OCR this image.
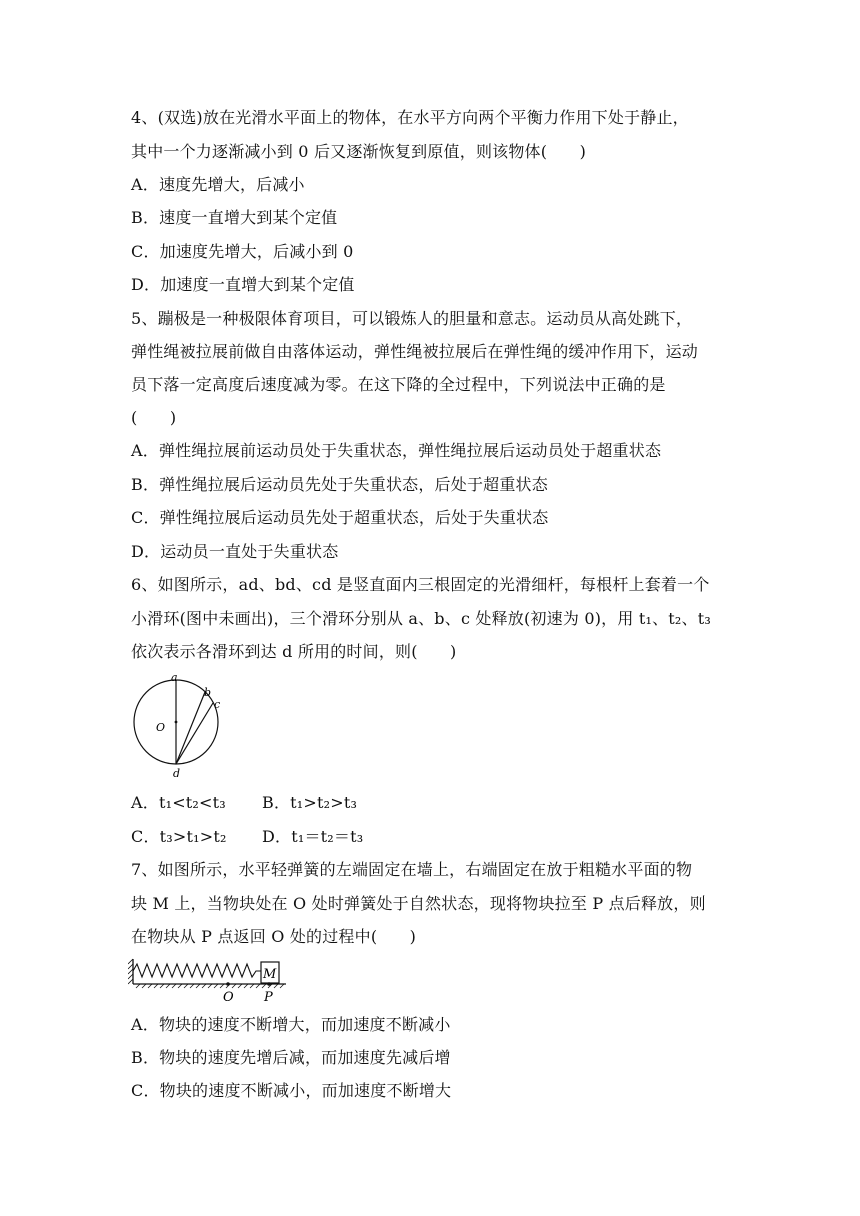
4、(双选)放在光滑水平面上的物体，在水平方向两个平衡力作用下处于静止，
其中一个力逐渐减小到 0 后又逐渐恢复到原值，则该物体(　　)
A．速度先增大，后减小
B．速度一直增大到某个定值
C．加速度先增大，后减小到 0
D．加速度一直增大到某个定值
5、蹦极是一种极限体育项目，可以锻炼人的胆量和意志。运动员从高处跳下，
弹性绳被拉展前做自由落体运动，弹性绳被拉展后在弹性绳的缓冲作用下，运动
员下落一定高度后速度减为零。在这下降的全过程中，下列说法中正确的是
(　　)
A．弹性绳拉展前运动员处于失重状态，弹性绳拉展后运动员处于超重状态
B．弹性绳拉展后运动员先处于失重状态，后处于超重状态
C．弹性绳拉展后运动员先处于超重状态，后处于失重状态
D．运动员一直处于失重状态
6、如图所示，ad、bd、cd 是竖直面内三根固定的光滑细杆，每根杆上套着一个
小滑环(图中未画出)，三个滑环分别从 a、b、c 处释放(初速为 0)，用 t₁、t₂、t₃
依次表示各滑环到达 d 所用的时间，则(　　)
a
b
c
O
d
A．t₁<t₂<t₃ B．t₁>t₂>t₃
C．t₃>t₁>t₂ D．t₁＝t₂＝t₃
7、如图所示，水平轻弹簧的左端固定在墙上，右端固定在放于粗糙水平面的物
块 M 上，当物块处在 O 处时弹簧处于自然状态，现将物块拉至 P 点后释放，则
在物块从 P 点返回 O 处的过程中(　　)
M
O P
A．物块的速度不断增大，而加速度不断减小
B．物块的速度先增后减，而加速度先减后增
C．物块的速度不断减小，而加速度不断增大
